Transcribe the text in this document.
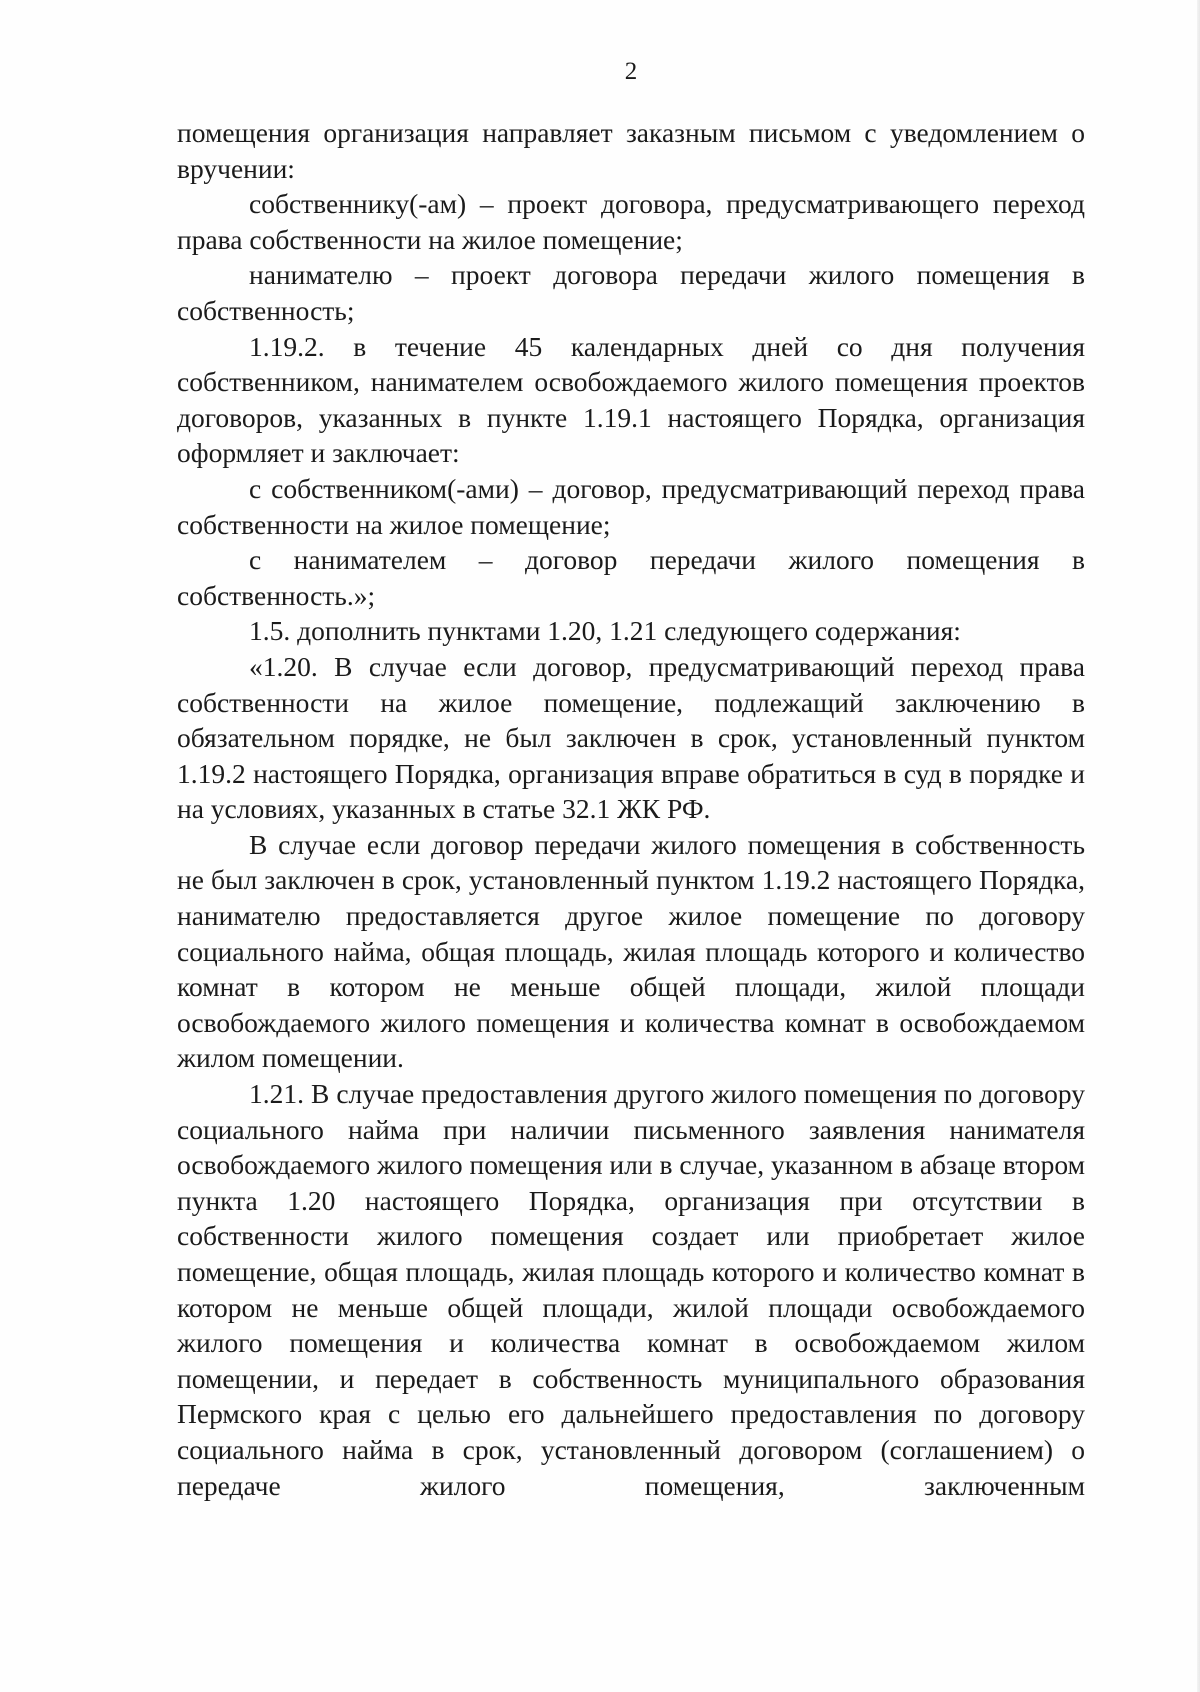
2

помещения организация направляет заказным письмом с уведомлением о вручении:

собственнику(-ам) – проект договора, предусматривающего переход права собственности на жилое помещение;

нанимателю – проект договора передачи жилого помещения в собственность;

1.19.2. в течение 45 календарных дней со дня получения собственником, нанимателем освобождаемого жилого помещения проектов договоров, указанных в пункте 1.19.1 настоящего Порядка, организация оформляет и заключает:

с собственником(-ами) – договор, предусматривающий переход права собственности на жилое помещение;

с нанимателем – договор передачи жилого помещения в собственность.»;

1.5. дополнить пунктами 1.20, 1.21 следующего содержания:

«1.20. В случае если договор, предусматривающий переход права собственности на жилое помещение, подлежащий заключению в обязательном порядке, не был заключен в срок, установленный пунктом 1.19.2 настоящего Порядка, организация вправе обратиться в суд в порядке и на условиях, указанных в статье 32.1 ЖК РФ.

В случае если договор передачи жилого помещения в собственность не был заключен в срок, установленный пунктом 1.19.2 настоящего Порядка, нанимателю предоставляется другое жилое помещение по договору социального найма, общая площадь, жилая площадь которого и количество комнат в котором не меньше общей площади, жилой площади освобождаемого жилого помещения и количества комнат в освобождаемом жилом помещении.

1.21. В случае предоставления другого жилого помещения по договору социального найма при наличии письменного заявления нанимателя освобождаемого жилого помещения или в случае, указанном в абзаце втором пункта 1.20 настоящего Порядка, организация при отсутствии в собственности жилого помещения создает или приобретает жилое помещение, общая площадь, жилая площадь которого и количество комнат в котором не меньше общей площади, жилой площади освобождаемого жилого помещения и количества комнат в освобождаемом жилом помещении, и передает в собственность муниципального образования Пермского края с целью его дальнейшего предоставления по договору социального найма в срок, установленный договором (соглашением) о передаче жилого помещения, заключенным
